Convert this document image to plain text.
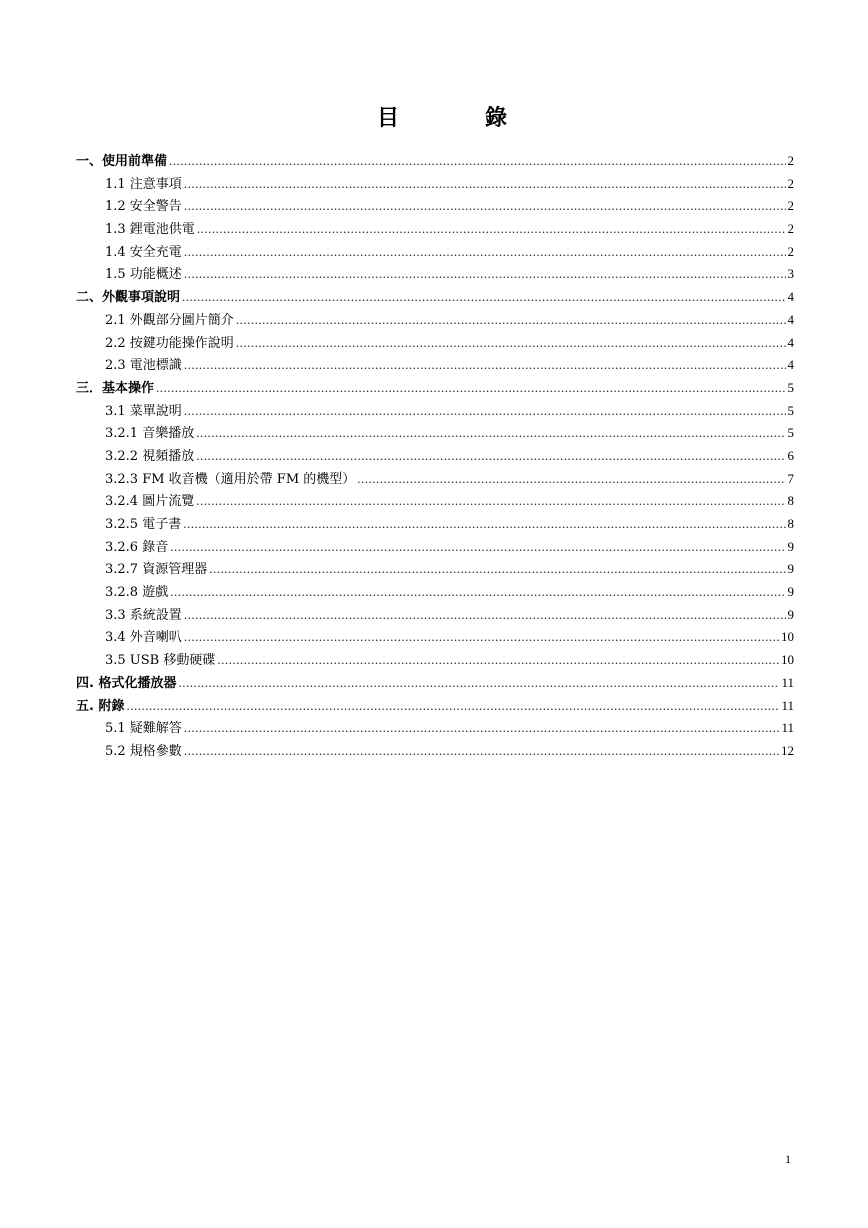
目　錄
一、使用前準備 .....	2
1.1 注意事項 .....	2
1.2 安全警告 .....	2
1.3 鋰電池供電 .....	2
1.4 安全充電 .....	2
1.5 功能概述 .....	3
二、外觀事項說明 .....	4
2.1 外觀部分圖片簡介 .....	4
2.2 按鍵功能操作說明 .....	4
2.3 電池標識 .....	4
三．基本操作 .....	5
3.1 菜單說明 .....	5
3.2.1 音樂播放 .....	5
3.2.2 視頻播放 .....	6
3.2.3 FM 收音機（適用於帶 FM 的機型） .....	7
3.2.4 圖片流覽 .....	8
3.2.5 電子書 .....	8
3.2.6 錄音 .....	9
3.2.7 資源管理器 .....	9
3.2.8 遊戲 .....	9
3.3 系統設置 .....	9
3.4 外音喇叭 .....	10
3.5 USB 移動硬碟 .....	10
四. 格式化播放器 .....	11
五. 附錄 .....	11
5.1 疑難解答 .....	11
5.2 規格參數 .....	12
1
